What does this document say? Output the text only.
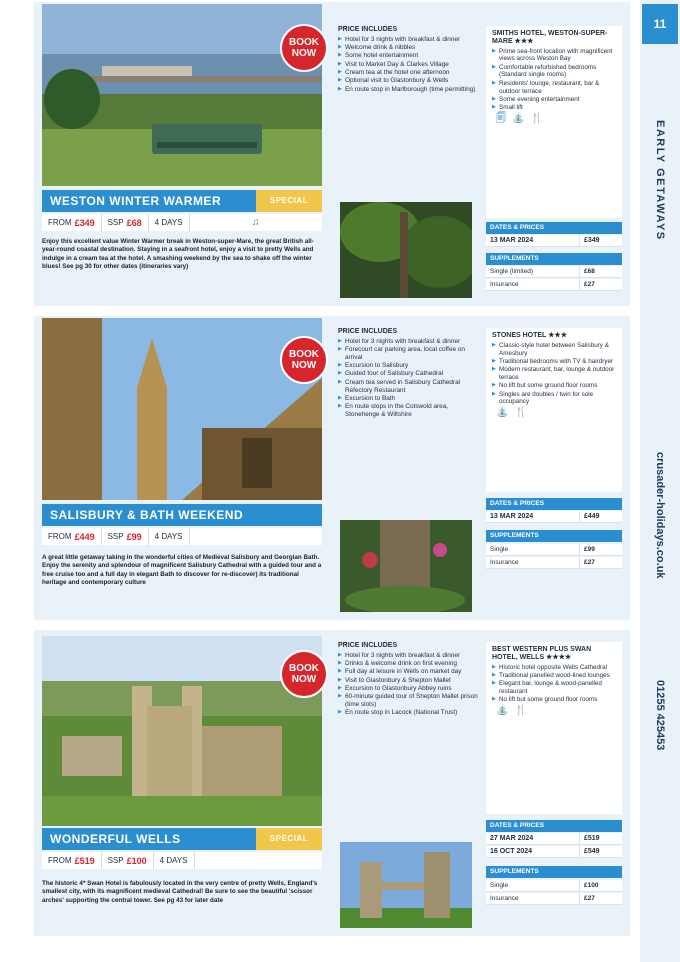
BOOK NOW
WESTON WINTER WARMER	SPECIAL
FROM £349 SSP £68 4 DAYS	♫
Enjoy this excellent value Winter Warmer break in Weston-super-Mare, the great British all-year-round coastal destination. Staying in a seafront hotel, enjoy a visit to pretty Wells and indulge in a cream tea at the hotel. A smashing weekend by the sea to shake off the winter blues! See pg 30 for other dates (itineraries vary)
PRICE INCLUDES
▶ Hotel for 3 nights with breakfast & dinner
▶ Welcome drink & nibbles
▶ Some hotel entertainment
▶ Visit to Market Day & Clarkes Village
▶ Cream tea at the hotel one afternoon
▶ Optional visit to Glastonbury & Wells
▶ En route stop in Marlborough (time permitting)
SMITHS HOTEL, WESTON-SUPER-MARE ★★★
▶ Prime sea-front location with magnificent views across Weston Bay
▶ Comfortable refurbished bedrooms (Standard single rooms)
▶ Residents' lounge, restaurant, bar & outdoor terrace
▶ Some evening entertainment
▶ Small lift
🗐 ⛲ 🍴
DATES & PRICES
13 MAR 2024	£349
SUPPLEMENTS
Single (limited)	£68
Insurance	£27
BOOK NOW
SALISBURY & BATH WEEKEND
FROM £449 SSP £99 4 DAYS
A great little getaway taking in the wonderful cities of Medieval Salisbury and Georgian Bath. Enjoy the serenity and splendour of magnificent Salisbury Cathedral with a guided tour and a free cruise too and a full day in elegant Bath to discover for re-discover) its traditional heritage and contemporary culture
PRICE INCLUDES
▶ Hotel for 3 nights with breakfast & dinner
▶ Forecourt car parking area, local coffee on arrival
▶ Excursion to Salisbury
▶ Guided tour of Salisbury Cathedral
▶ Cream tea served in Salisbury Cathedral Refectory Restaurant
▶ Excursion to Bath
▶ En route stops in the Cotswold area, Stonehenge & Wiltshire
STONES HOTEL ★★★
▶ Classic-style hotel between Salisbury & Amesbury
▶ Traditional bedrooms with TV & hairdryer
▶ Modern restaurant, bar, lounge & outdoor terrace
▶ No lift but some ground floor rooms
▶ Singles are doubles / twin for sole occupancy
⛲ 🍴
DATES & PRICES
13 MAR 2024	£449
SUPPLEMENTS
Single	£99
Insurance	£27
BOOK NOW
WONDERFUL WELLS	SPECIAL
FROM £519 SSP £100 4 DAYS
The historic 4* Swan Hotel is fabulously located in the very centre of pretty Wells, England's smallest city, with its magnificent medieval Cathedral! Be sure to see the beautiful 'scissor arches' supporting the central tower. See pg 43 for later date
PRICE INCLUDES
▶ Hotel for 3 nights with breakfast & dinner
▶ Drinks & welcome drink on first evening
▶ Full day at leisure in Wells on market day
▶ Visit to Glastonbury & Shepton Mallet
▶ Excursion to Glastonbury Abbey ruins
▶ 60-minute guided tour of Shepton Mallet prison (time slots)
▶ En route stop in Lacock (National Trust)
BEST WESTERN PLUS SWAN HOTEL, WELLS ★★★★
▶ Historic hotel opposite Wells Cathedral
▶ Traditional panelled wood-lined lounges
▶ Elegant bar, lounge & wood-panelled restaurant
▶ No lift but some ground floor rooms
⛲ 🍴
DATES & PRICES
27 MAR 2024	£519
16 OCT 2024	£549
SUPPLEMENTS
Single	£100
Insurance	£27
11
EARLY GETAWAYS
crusader-holidays.co.uk
01255 425453
